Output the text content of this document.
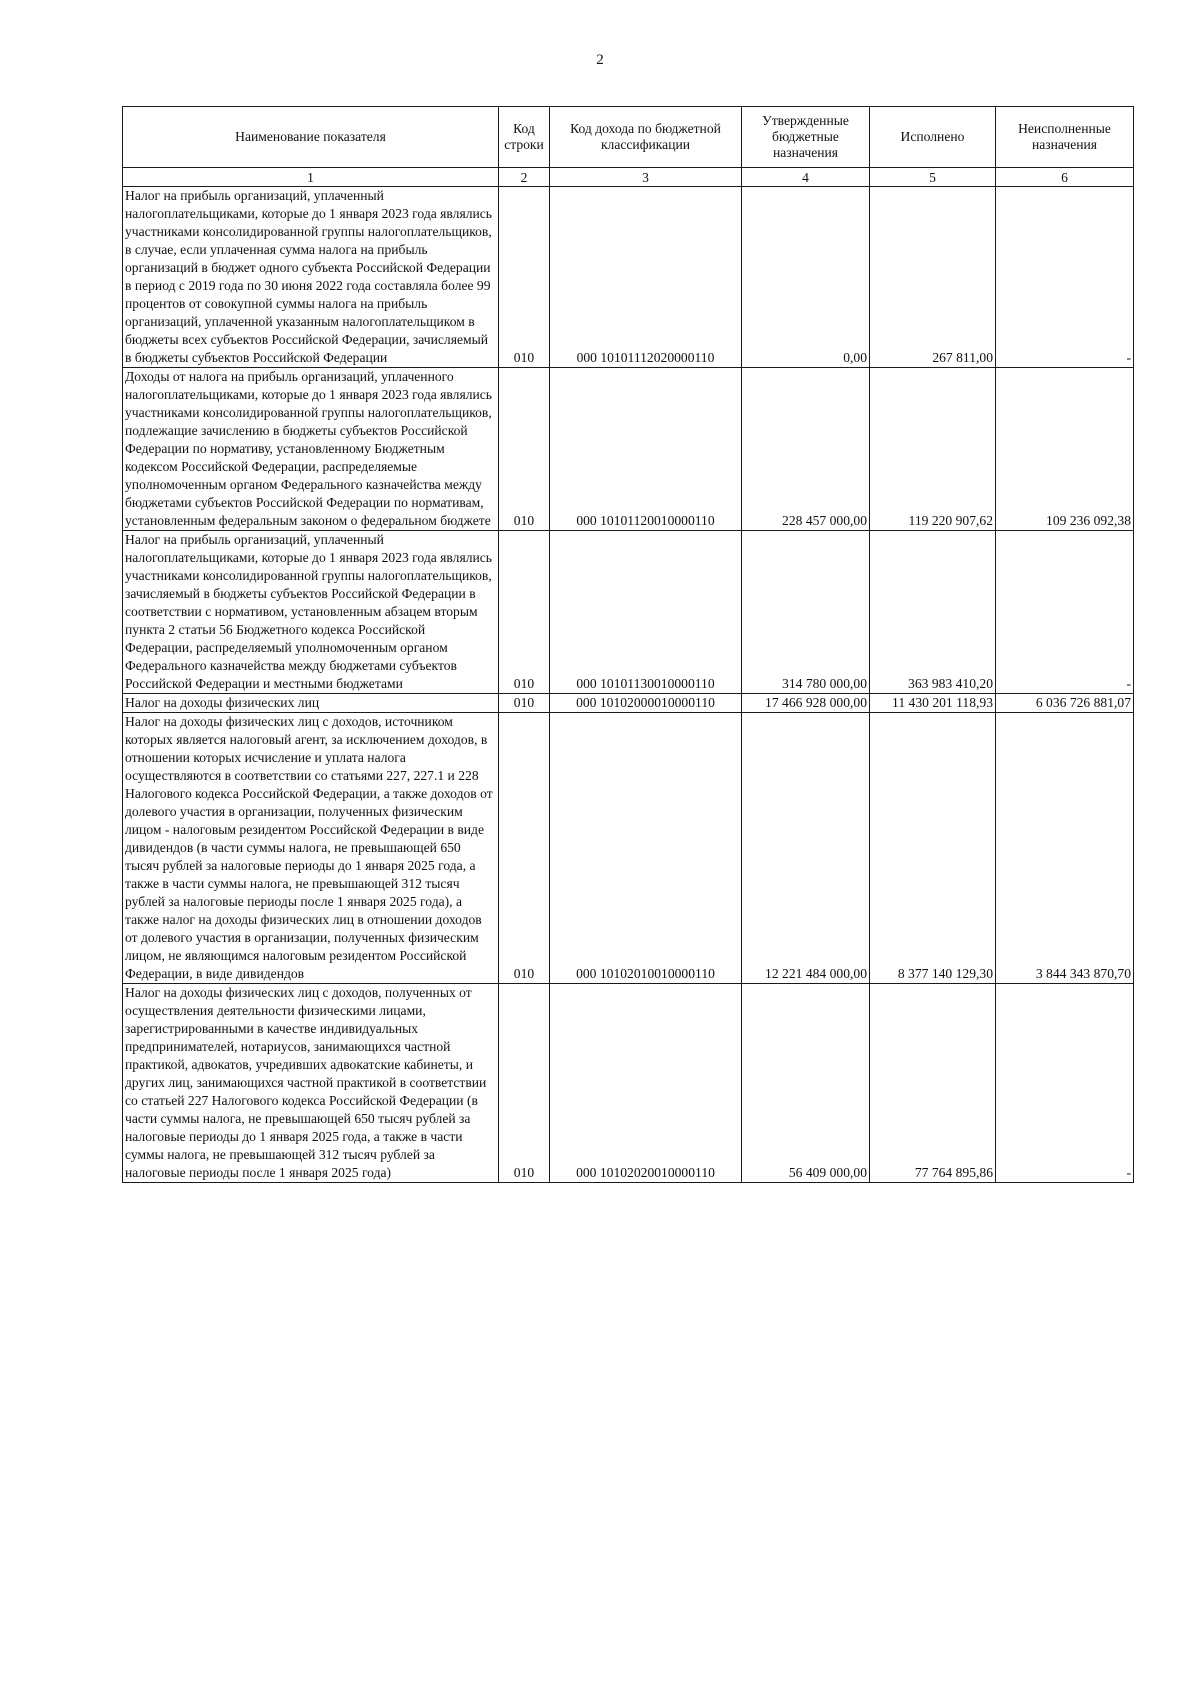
2
Наименование показателя	Код строки	Код дохода по бюджетной классификации	Утвержденные бюджетные назначения	Исполнено	Неисполненные назначения
1	2	3	4	5	6
Налог на прибыль организаций, уплаченный налогоплательщиками, которые до 1 января 2023 года являлись участниками консолидированной группы налогоплательщиков, в случае, если уплаченная сумма налога на прибыль организаций в бюджет одного субъекта Российской Федерации в период с 2019 года по 30 июня 2022 года составляла более 99 процентов от совокупной суммы налога на прибыль организаций, уплаченной указанным налогоплательщиком в бюджеты всех субъектов Российской Федерации, зачисляемый в бюджеты субъектов Российской Федерации	010	000 10101112020000110	0,00	267 811,00	-
Доходы от налога на прибыль организаций, уплаченного налогоплательщиками, которые до 1 января 2023 года являлись участниками консолидированной группы налогоплательщиков, подлежащие зачислению в бюджеты субъектов Российской Федерации по нормативу, установленному Бюджетным кодексом Российской Федерации, распределяемые уполномоченным органом Федерального казначейства между бюджетами субъектов Российской Федерации по нормативам, установленным федеральным законом о федеральном бюджете	010	000 10101120010000110	228 457 000,00	119 220 907,62	109 236 092,38
Налог на прибыль организаций, уплаченный налогоплательщиками, которые до 1 января 2023 года являлись участниками консолидированной группы налогоплательщиков, зачисляемый в бюджеты субъектов Российской Федерации в соответствии с нормативом, установленным абзацем вторым пункта 2 статьи 56 Бюджетного кодекса Российской Федерации, распределяемый уполномоченным органом Федерального казначейства между бюджетами субъектов Российской Федерации и местными бюджетами	010	000 10101130010000110	314 780 000,00	363 983 410,20	-
Налог на доходы физических лиц	010	000 10102000010000110	17 466 928 000,00	11 430 201 118,93	6 036 726 881,07
Налог на доходы физических лиц с доходов, источником которых является налоговый агент, за исключением доходов, в отношении которых исчисление и уплата налога осуществляются в соответствии со статьями 227, 227.1 и 228 Налогового кодекса Российской Федерации, а также доходов от долевого участия в организации, полученных физическим лицом - налоговым резидентом Российской Федерации в виде дивидендов (в части суммы налога, не превышающей 650 тысяч рублей за налоговые периоды до 1 января 2025 года, а также в части суммы налога, не превышающей 312 тысяч рублей за налоговые периоды после 1 января 2025 года), а также налог на доходы физических лиц в отношении доходов от долевого участия в организации, полученных физическим лицом, не являющимся налоговым резидентом Российской Федерации, в виде дивидендов	010	000 10102010010000110	12 221 484 000,00	8 377 140 129,30	3 844 343 870,70
Налог на доходы физических лиц с доходов, полученных от осуществления деятельности физическими лицами, зарегистрированными в качестве индивидуальных предпринимателей, нотариусов, занимающихся частной практикой, адвокатов, учредивших адвокатские кабинеты, и других лиц, занимающихся частной практикой в соответствии со статьей 227 Налогового кодекса Российской Федерации (в части суммы налога, не превышающей 650 тысяч рублей за налоговые периоды до 1 января 2025 года, а также в части суммы налога, не превышающей 312 тысяч рублей за налоговые периоды после 1 января 2025 года)	010	000 10102020010000110	56 409 000,00	77 764 895,86	-
